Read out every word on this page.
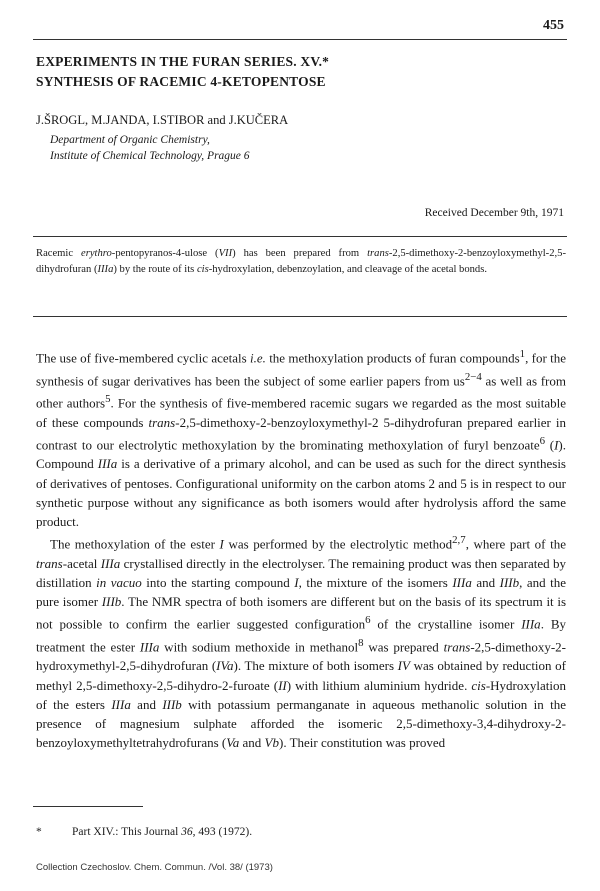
455
EXPERIMENTS IN THE FURAN SERIES. XV.*
SYNTHESIS OF RACEMIC 4-KETOPENTOSE
J.ŠROGL, M.JANDA, I.STIBOR and J.KUČERA
Department of Organic Chemistry,
Institute of Chemical Technology, Prague 6
Received December 9th, 1971
Racemic erythro-pentopyranos-4-ulose (VII) has been prepared from trans-2,5-dimethoxy-2-benzoyloxymethyl-2,5-dihydrofuran (IIIa) by the route of its cis-hydroxylation, debenzoylation, and cleavage of the acetal bonds.

The use of five-membered cyclic acetals i.e. the methoxylation products of furan compounds$^1$, for the synthesis of sugar derivatives has been the subject of some earlier papers from $us^{2-4}$ as well as from other authors$^5$. For the synthesis of five-membered racemic sugars we regarded as the most suitable of these compounds trans-2,5-dimethoxy-2-benzoyloxymethyl-2 5-dihydrofuran prepared earlier in contrast to our electrolytic methoxylation by the brominating methoxylation of furyl benzoate$^6$ (I). Compound IIIa is a derivative of a primary alcohol, and can be used as such for the direct synthesis of derivatives of pentoses. Configurational uniformity on the carbon atoms 2 and 5 is in respect to our synthetic purpose without any significance as both isomers would after hydrolysis afford the same product.

The methoxylation of the ester I was performed by the electrolytic method$^{2,7}$, where part of the trans-acetal IIIa crystallised directly in the electrolyser. The remaining product was then separated by distillation in vacuo into the starting compound I, the mixture of the isomers IIIa and IIIb, and the pure isomer IIIb. The NMR spectra of both isomers are different but on the basis of its spectrum it is not possible to confirm the earlier suggested configuration$^6$ of the crystalline isomer IIIa. By treatment the ester IIIa with sodium methoxide in methanol$^8$ was prepared trans-2,5-dimethoxy-2-hydroxymethyl-2,5-dihydrofuran (IVa). The mixture of both isomers IV was obtained by reduction of methyl 2,5-dimethoxy-2,5-dihydro-2-furoate (II) with lithium aluminium hydride. cis-Hydroxylation of the esters IIIa and IIIb with potassium permanganate in aqueous methanolic solution in the presence of magnesium sulphate afforded the isomeric 2,5-dimethoxy-3,4-dihydroxy-2-benzoyloxymethyltetrahydrofurans (Va and Vb). Their constitution was proved

*	Part XIV.: This Journal 36, 493 (1972).
Collection Czechoslov. Chem. Commun. /Vol. 38/ (1973)
